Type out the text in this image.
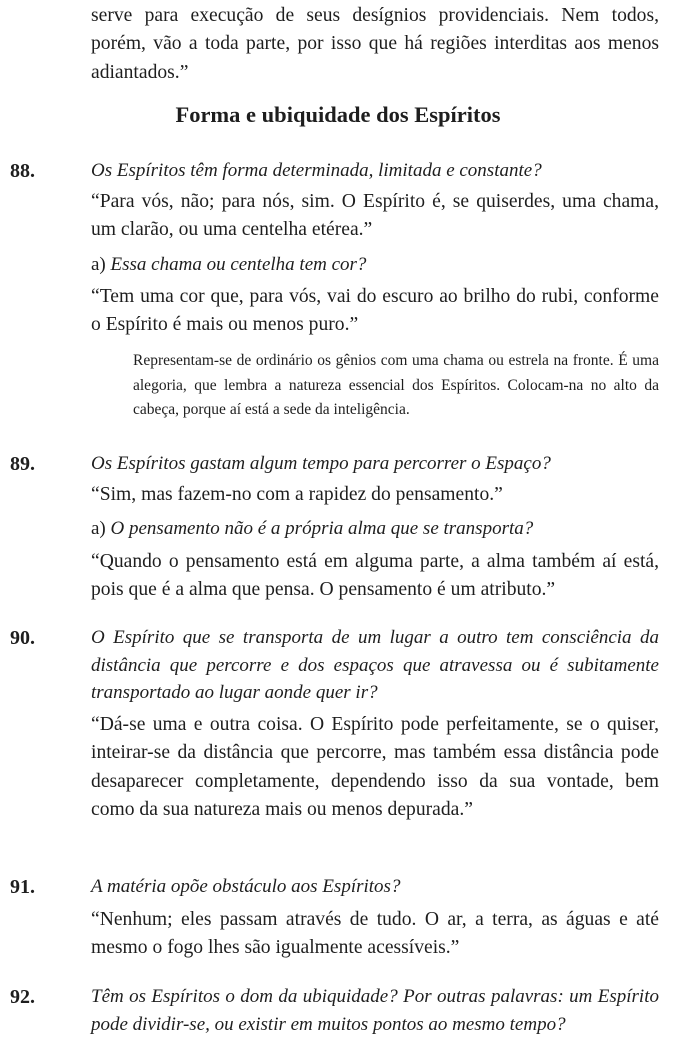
serve para execução de seus desígnios providenciais. Nem todos, porém, vão a toda parte, por isso que há regiões interditas aos menos adiantados.”

Forma e ubiquidade dos Espíritos
88.	Os Espíritos têm forma determinada, limitada e constante?

“Para vós, não; para nós, sim. O Espírito é, se quiserdes, uma chama, um clarão, ou uma centelha etérea.”

a) Essa chama ou centelha tem cor?

“Tem uma cor que, para vós, vai do escuro ao brilho do rubi, conforme o Espírito é mais ou menos puro.”

Representam-se de ordinário os gênios com uma chama ou estrela na fronte. É uma alegoria, que lembra a natureza essencial dos Espíritos. Colocam-na no alto da cabeça, porque aí está a sede da inteligência.

89.	Os Espíritos gastam algum tempo para percorrer o Espaço?

“Sim, mas fazem-no com a rapidez do pensamento.”

a) O pensamento não é a própria alma que se transporta?

“Quando o pensamento está em alguma parte, a alma também aí está, pois que é a alma que pensa. O pensamento é um atributo.”

90.	O Espírito que se transporta de um lugar a outro tem consciência da distância que percorre e dos espaços que atravessa ou é subitamente transportado ao lugar aonde quer ir?

“Dá-se uma e outra coisa. O Espírito pode perfeitamente, se o quiser, inteirar-se da distância que percorre, mas também essa distância pode desaparecer completamente, dependendo isso da sua vontade, bem como da sua natureza mais ou menos depurada.”

91.	A matéria opõe obstáculo aos Espíritos?

“Nenhum; eles passam através de tudo. O ar, a terra, as águas e até mesmo o fogo lhes são igualmente acessíveis.”

92.	Têm os Espíritos o dom da ubiquidade? Por outras palavras: um Espírito pode dividir-se, ou existir em muitos pontos ao mesmo tempo?
